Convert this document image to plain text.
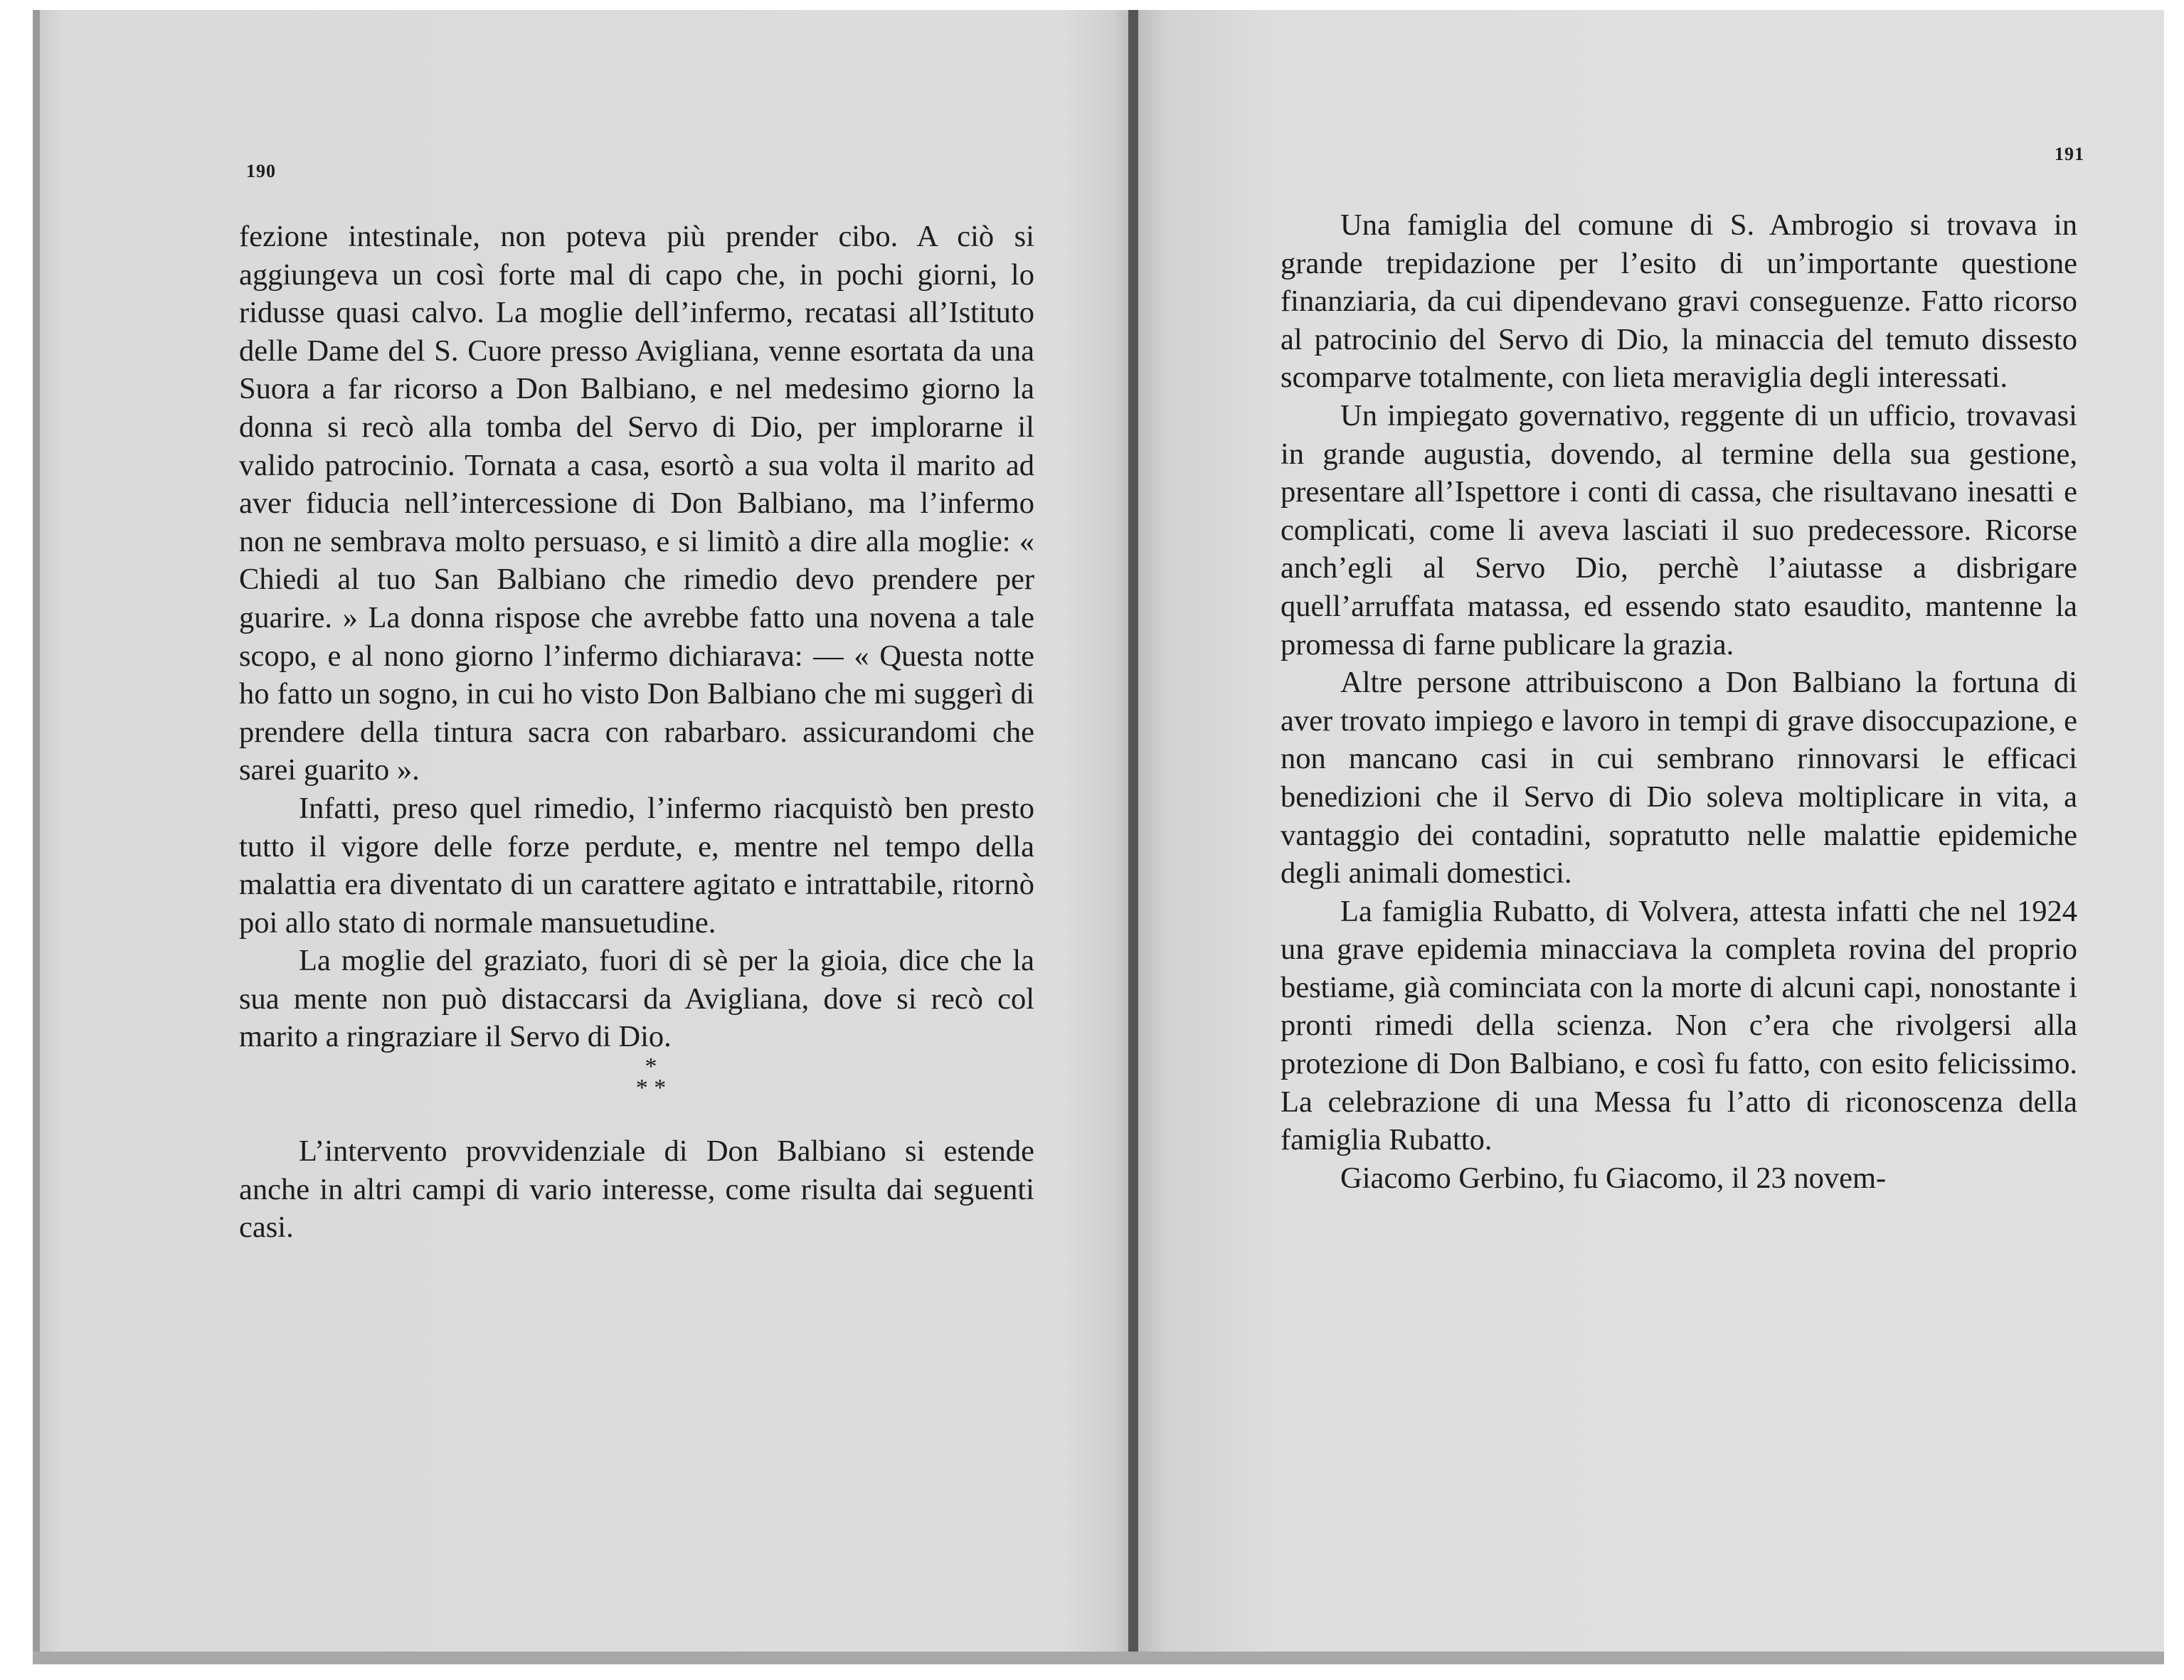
190

fezione intestinale, non poteva più prender cibo. A ciò si aggiungeva un così forte mal di capo che, in pochi giorni, lo ridusse quasi calvo. La moglie dell’infermo, recatasi all’Istituto delle Dame del S. Cuore presso Avigliana, venne esortata da una Suora a far ricorso a Don Balbiano, e nel medesimo giorno la donna si recò alla tomba del Servo di Dio, per implorarne il valido patrocinio. Tornata a casa, esortò a sua volta il marito ad aver fiducia nell’intercessione di Don Balbiano, ma l’infermo non ne sembrava molto persuaso, e si limitò a dire alla moglie: « Chiedi al tuo San Balbiano che rimedio devo prendere per guarire. » La donna rispose che avrebbe fatto una novena a tale scopo, e al nono giorno l’infermo dichiarava: — « Questa notte ho fatto un sogno, in cui ho visto Don Balbiano che mi suggerì di prendere della tintura sacra con rabarbaro. assicurandomi che sarei guarito ».

Infatti, preso quel rimedio, l’infermo riacquistò ben presto tutto il vigore delle forze perdute, e, mentre nel tempo della malattia era diventato di un carattere agitato e intrattabile, ritornò poi allo stato di normale mansuetudine.

La moglie del graziato, fuori di sè per la gioia, dice che la sua mente non può distaccarsi da Avigliana, dove si recò col marito a ringraziare il Servo di Dio.

*
* *

L’intervento provvidenziale di Don Balbiano si estende anche in altri campi di vario interesse, come risulta dai seguenti casi.

191

Una famiglia del comune di S. Ambrogio si trovava in grande trepidazione per l’esito di un’importante questione finanziaria, da cui dipendevano gravi conseguenze. Fatto ricorso al patrocinio del Servo di Dio, la minaccia del temuto dissesto scomparve totalmente, con lieta meraviglia degli interessati.

Un impiegato governativo, reggente di un ufficio, trovavasi in grande augustia, dovendo, al termine della sua gestione, presentare all’Ispettore i conti di cassa, che risultavano inesatti e complicati, come li aveva lasciati il suo predecessore. Ricorse anch’egli al Servo Dio, perchè l’aiutasse a disbrigare quell’arruffata matassa, ed essendo stato esaudito, mantenne la promessa di farne publicare la grazia.

Altre persone attribuiscono a Don Balbiano la fortuna di aver trovato impiego e lavoro in tempi di grave disoccupazione, e non mancano casi in cui sembrano rinnovarsi le efficaci benedizioni che il Servo di Dio soleva moltiplicare in vita, a vantaggio dei contadini, sopratutto nelle malattie epidemiche degli animali domestici.

La famiglia Rubatto, di Volvera, attesta infatti che nel 1924 una grave epidemia minacciava la completa rovina del proprio bestiame, già cominciata con la morte di alcuni capi, nonostante i pronti rimedi della scienza. Non c’era che rivolgersi alla protezione di Don Balbiano, e così fu fatto, con esito felicissimo. La celebrazione di una Messa fu l’atto di riconoscenza della famiglia Rubatto.

Giacomo Gerbino, fu Giacomo, il 23 novem-
